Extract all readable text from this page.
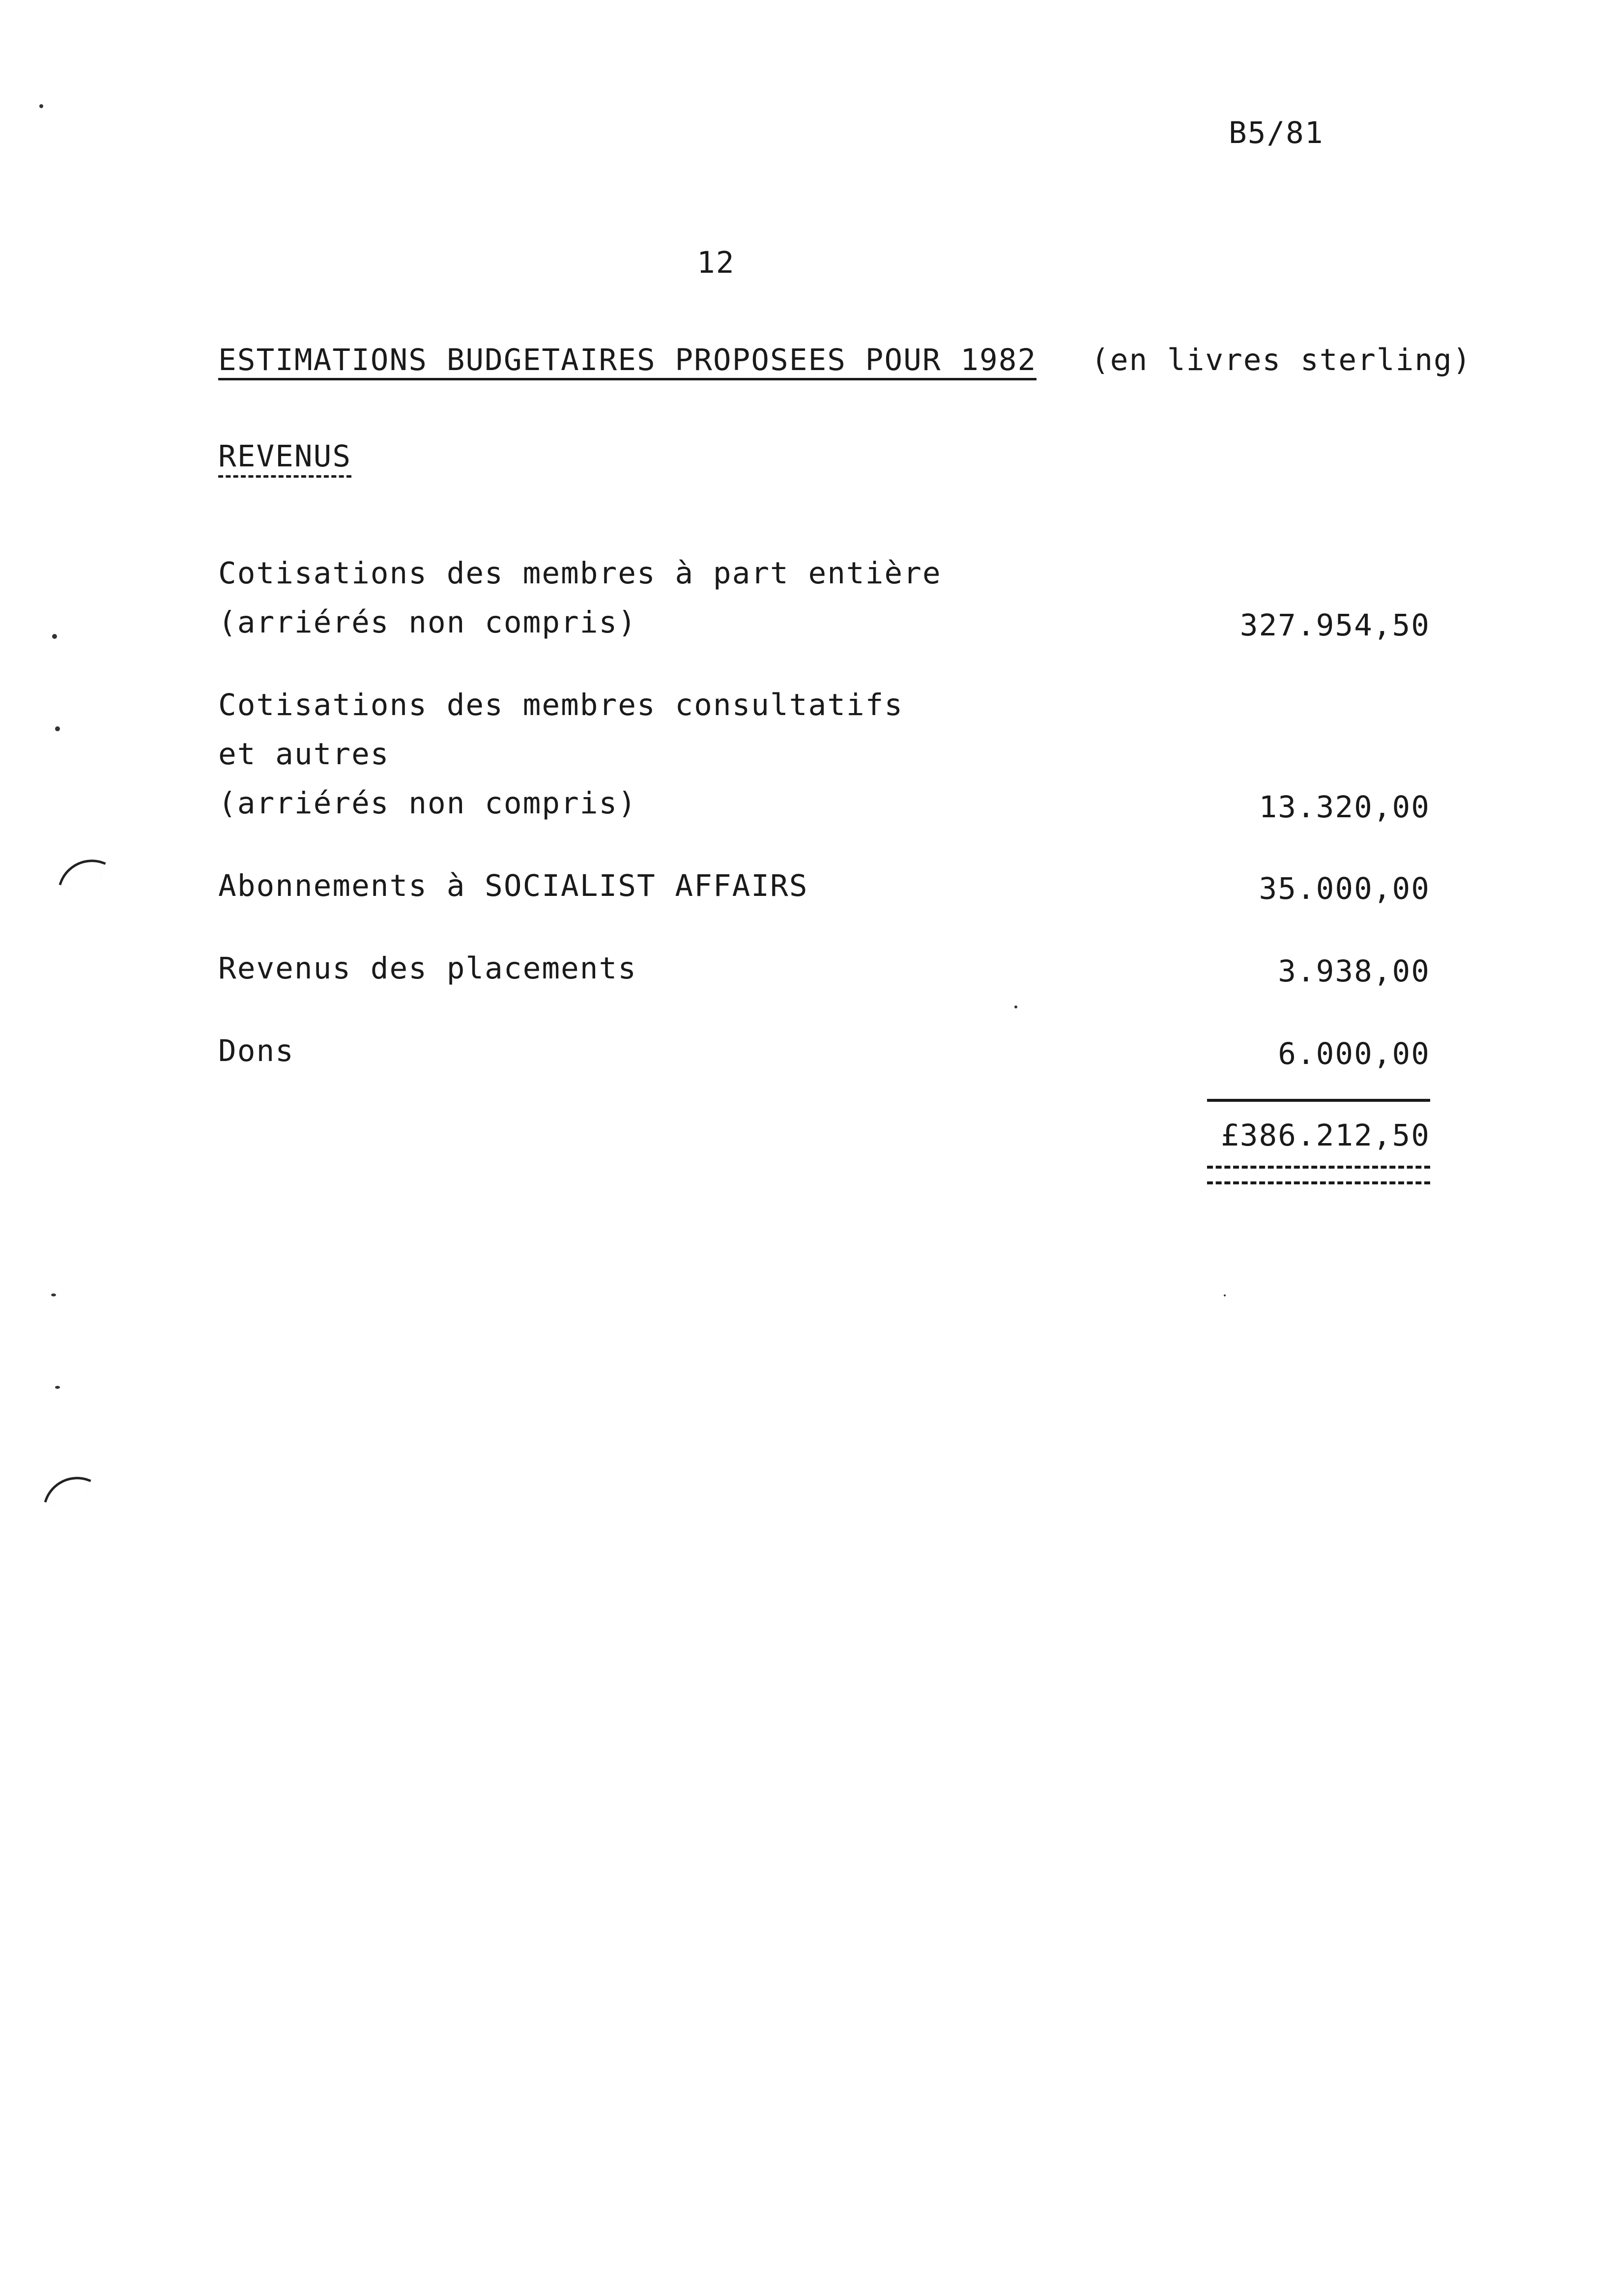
B5/81
12
ESTIMATIONS BUDGETAIRES PROPOSEES POUR 1982 (en livres sterling)
REVENUS
Cotisations des membres à part entière
(arriérés non compris)	327.954,50
Cotisations des membres consultatifs
et autres
(arriérés non compris)	13.320,00
Abonnements à SOCIALIST AFFAIRS	35.000,00
Revenus des placements	3.938,00
Dons	6.000,00
£386.212,50
